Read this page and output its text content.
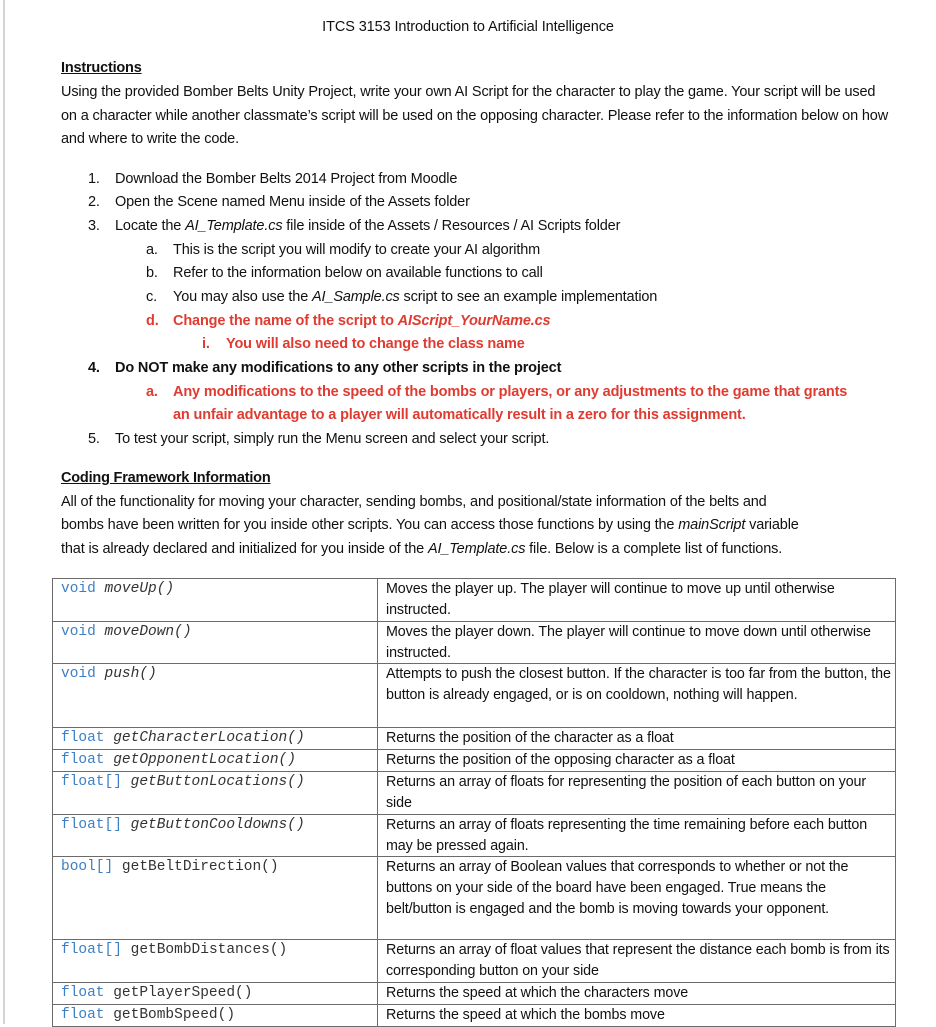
ITCS 3153 Introduction to Artificial Intelligence
Instructions
Using the provided Bomber Belts Unity Project, write your own AI Script for the character to play the game. Your script will be used on a character while another classmate’s script will be used on the opposing character. Please refer to the information below on how and where to write the code.
1. Download the Bomber Belts 2014 Project from Moodle
2. Open the Scene named Menu inside of the Assets folder
3. Locate the AI_Template.cs file inside of the Assets / Resources / AI Scripts folder
a. This is the script you will modify to create your AI algorithm
b. Refer to the information below on available functions to call
c. You may also use the AI_Sample.cs script to see an example implementation
d. Change the name of the script to AIScript_YourName.cs
i. You will also need to change the class name
4. Do NOT make any modifications to any other scripts in the project
a. Any modifications to the speed of the bombs or players, or any adjustments to the game that grants
an unfair advantage to a player will automatically result in a zero for this assignment.
5. To test your script, simply run the Menu screen and select your script.
Coding Framework Information
All of the functionality for moving your character, sending bombs, and positional/state information of the belts and
bombs have been written for you inside other scripts. You can access those functions by using the mainScript variable
that is already declared and initialized for you inside of the AI_Template.cs file. Below is a complete list of functions.
void moveUp()	Moves the player up. The player will continue to move up until otherwise instructed.
void moveDown()	Moves the player down. The player will continue to move down until otherwise instructed.
void push()	Attempts to push the closest button. If the character is too far from the button, the button is already engaged, or is on cooldown, nothing will happen.
float getCharacterLocation()	Returns the position of the character as a float
float getOpponentLocation()	Returns the position of the opposing character as a float
float[] getButtonLocations()	Returns an array of floats for representing the position of each button on your side
float[] getButtonCooldowns()	Returns an array of floats representing the time remaining before each button may be pressed again.
bool[] getBeltDirection()	Returns an array of Boolean values that corresponds to whether or not the buttons on your side of the board have been engaged. True means the belt/button is engaged and the bomb is moving towards your opponent.
float[] getBombDistances()	Returns an array of float values that represent the distance each bomb is from its corresponding button on your side
float getPlayerSpeed()	Returns the speed at which the characters move
float getBombSpeed()	Returns the speed at which the bombs move
